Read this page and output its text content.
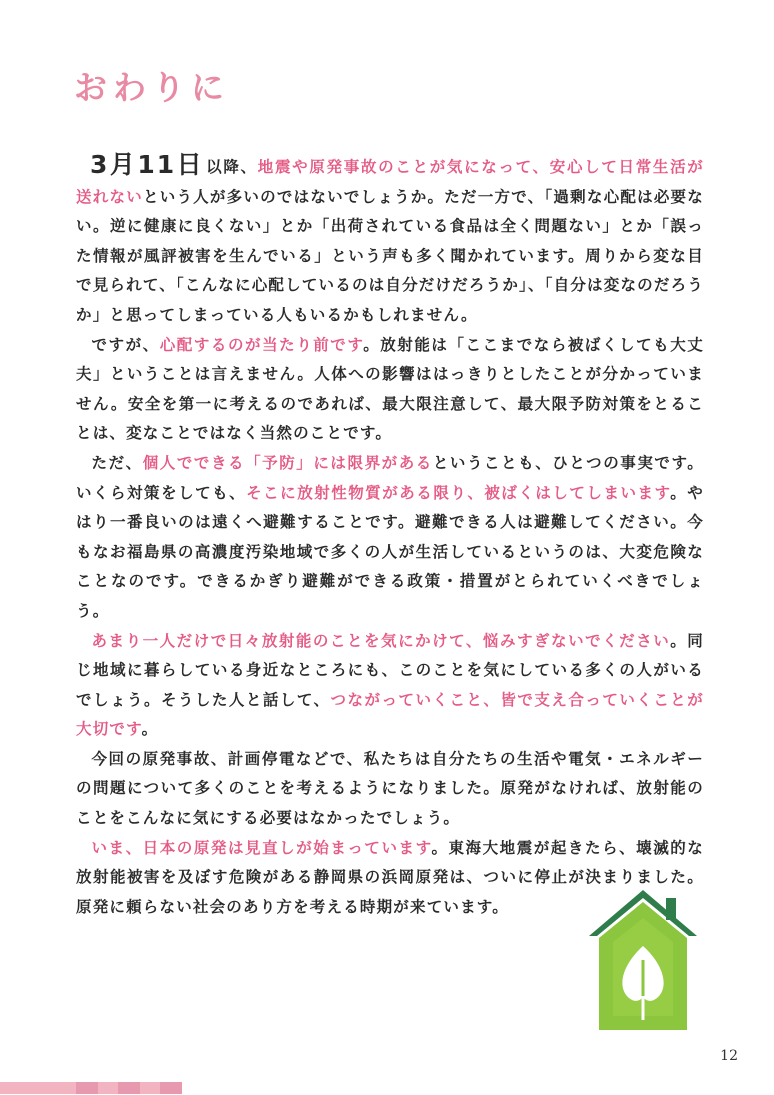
おわりに

3月11日 以降、地震や原発事故のことが気になって、安心して日常生活が送れないという人が多いのではないでしょうか。ただ一方で、「過剰な心配は必要ない。逆に健康に良くない」とか「出荷されている食品は全く問題ない」とか「誤った情報が風評被害を生んでいる」という声も多く聞かれています。周りから変な目で見られて、「こんなに心配しているのは自分だけだろうか」、「自分は変なのだろうか」と思ってしまっている人もいるかもしれません。

ですが、心配するのが当たり前です。放射能は「ここまでなら被ばくしても大丈夫」ということは言えません。人体への影響ははっきりとしたことが分かっていません。安全を第一に考えるのであれば、最大限注意して、最大限予防対策をとることは、変なことではなく当然のことです。

ただ、個人でできる「予防」には限界があるということも、ひとつの事実です。いくら対策をしても、そこに放射性物質がある限り、被ばくはしてしまいます。やはり一番良いのは遠くへ避難することです。避難できる人は避難してください。今もなお福島県の高濃度汚染地域で多くの人が生活しているというのは、大変危険なことなのです。できるかぎり避難ができる政策・措置がとられていくべきでしょう。

あまり一人だけで日々放射能のことを気にかけて、悩みすぎないでください。同じ地域に暮らしている身近なところにも、このことを気にしている多くの人がいるでしょう。そうした人と話して、つながっていくこと、皆で支え合っていくことが大切です。

今回の原発事故、計画停電などで、私たちは自分たちの生活や電気・エネルギーの問題について多くのことを考えるようになりました。原発がなければ、放射能のことをこんなに気にする必要はなかったでしょう。

いま、日本の原発は見直しが始まっています。東海大地震が起きたら、壊滅的な放射能被害を及ぼす危険がある静岡県の浜岡原発は、ついに停止が決まりました。原発に頼らない社会のあり方を考える時期が来ています。

12
